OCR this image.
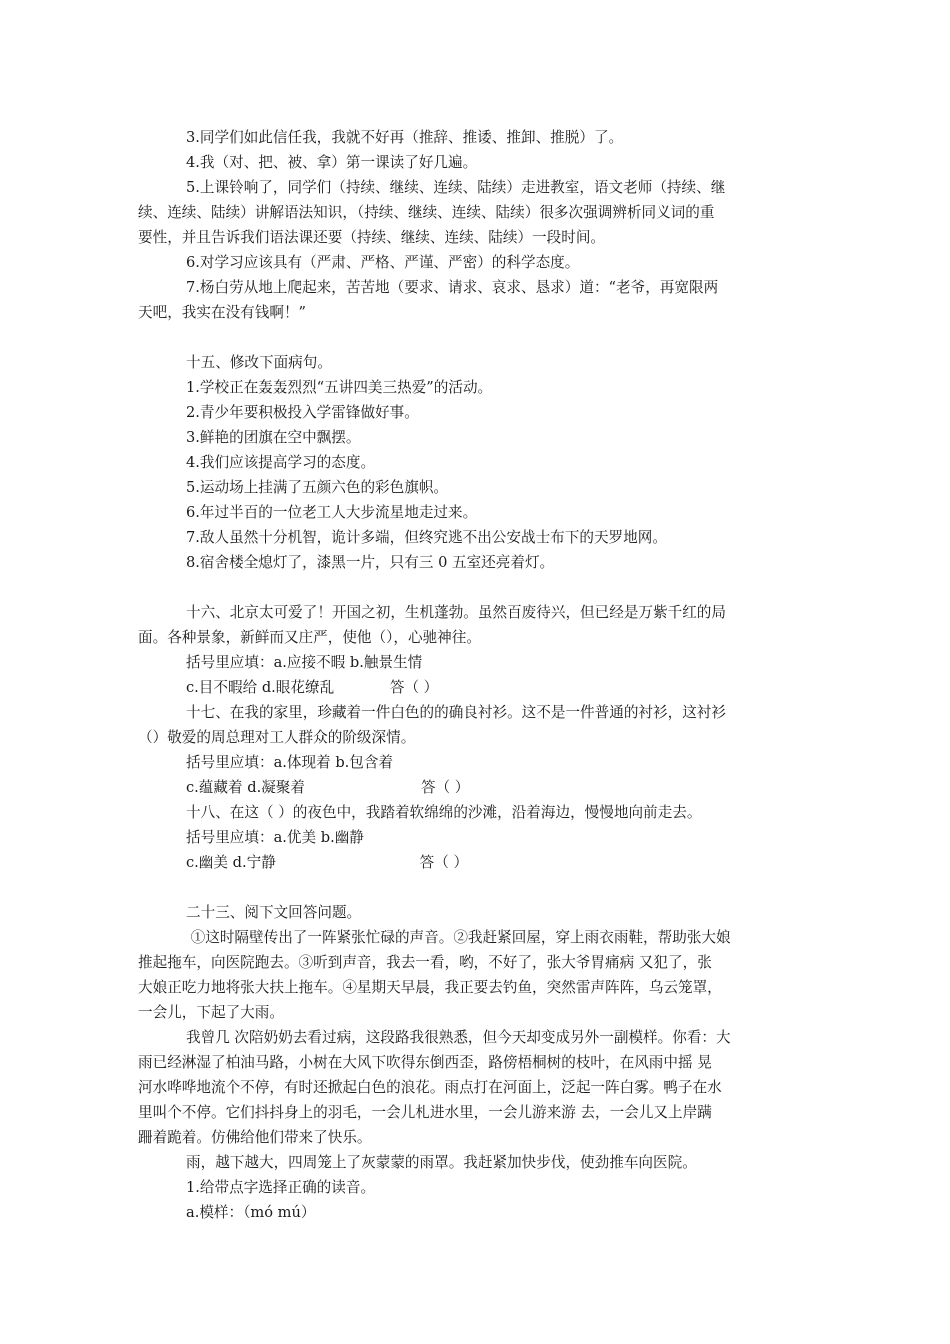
3.同学们如此信任我，我就不好再（推辞、推诿、推卸、推脱）了。
4.我（对、把、被、拿）第一课读了好几遍。
5.上课铃响了，同学们（持续、继续、连续、陆续）走进教室，语文老师（持续、继
续、连续、陆续）讲解语法知识，（持续、继续、连续、陆续）很多次强调辨析同义词的重
要性，并且告诉我们语法课还要（持续、继续、连续、陆续）一段时间。
6.对学习应该具有（严肃、严格、严谨、严密）的科学态度。
7.杨白劳从地上爬起来，苦苦地（要求、请求、哀求、恳求）道：“老爷，再宽限两
天吧，我实在没有钱啊！”
十五、修改下面病句。
1.学校正在轰轰烈烈“五讲四美三热爱”的活动。
2.青少年要积极投入学雷锋做好事。
3.鲜艳的团旗在空中飘摆。
4.我们应该提高学习的态度。
5.运动场上挂满了五颜六色的彩色旗帜。
6.年过半百的一位老工人大步流星地走过来。
7.敌人虽然十分机智，诡计多端，但终究逃不出公安战士布下的天罗地网。
8.宿舍楼全熄灯了，漆黑一片，只有三 0 五室还亮着灯。
十六、北京太可爱了！开国之初，生机蓬勃。虽然百废待兴，但已经是万紫千红的局
面。各种景象，新鲜而又庄严，使他（），心驰神往。
括号里应填：a.应接不暇 b.触景生情
c.目不暇给 d.眼花缭乱            答（ ）
十七、在我的家里，珍藏着一件白色的的确良衬衫。这不是一件普通的衬衫，这衬衫
（）敬爱的周总理对工人群众的阶级深情。
括号里应填：a.体现着 b.包含着
c.蕴藏着 d.凝聚着                         答（ ）
十八、在这（ ）的夜色中，我踏着软绵绵的沙滩，沿着海边，慢慢地向前走去。
括号里应填：a.优美 b.幽静
c.幽美 d.宁静                               答（ ）
二十三、阅下文回答问题。
①这时隔壁传出了一阵紧张忙碌的声音。②我赶紧回屋，穿上雨衣雨鞋，帮助张大娘
推起拖车，向医院跑去。③听到声音，我去一看，哟，不好了，张大爷胃痛病 又犯了，张
大娘正吃力地将张大扶上拖车。④星期天早晨，我正要去钓鱼，突然雷声阵阵，乌云笼罩，
一会儿，下起了大雨。
我曾几 次陪奶奶去看过病，这段路我很熟悉，但今天却变成另外一副模样。你看：大
雨已经淋湿了柏油马路，小树在大风下吹得东倒西歪，路傍梧桐树的枝叶，在风雨中摇 晃
河水哗哗地流个不停，有时还掀起白色的浪花。雨点打在河面上，泛起一阵白雾。鸭子在水
里叫个不停。它们抖抖身上的羽毛，一会儿札进水里，一会儿游来游 去，一会儿又上岸蹒
跚着跪着。仿佛给他们带来了快乐。
雨，越下越大，四周笼上了灰蒙蒙的雨罩。我赶紧加快步伐，使劲推车向医院。
1.给带点字选择正确的读音。
a.模样：（mó mú）
